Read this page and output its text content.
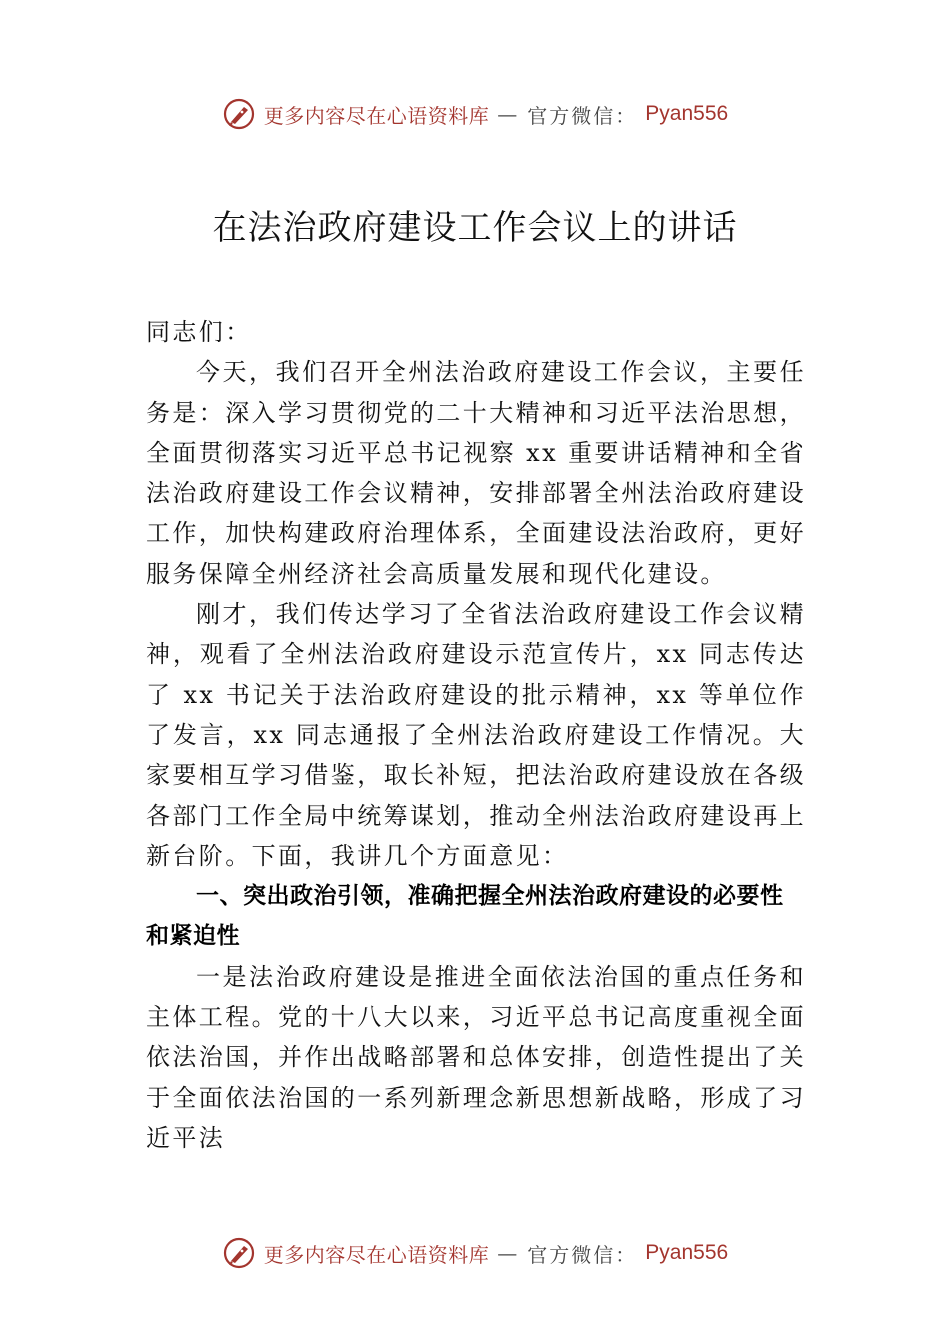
更多内容尽在心语资料库 — 官方微信： Pyan556
在法治政府建设工作会议上的讲话

同志们：

今天，我们召开全州法治政府建设工作会议，主要任务是：深入学习贯彻党的二十大精神和习近平法治思想，全面贯彻落实习近平总书记视察 xx 重要讲话精神和全省法治政府建设工作会议精神，安排部署全州法治政府建设工作，加快构建政府治理体系，全面建设法治政府，更好服务保障全州经济社会高质量发展和现代化建设。

刚才，我们传达学习了全省法治政府建设工作会议精神，观看了全州法治政府建设示范宣传片，xx 同志传达了 xx 书记关于法治政府建设的批示精神，xx 等单位作了发言，xx 同志通报了全州法治政府建设工作情况。大家要相互学习借鉴，取长补短，把法治政府建设放在各级各部门工作全局中统筹谋划，推动全州法治政府建设再上新台阶。下面，我讲几个方面意见：

一、突出政治引领，准确把握全州法治政府建设的必要性和紧迫性

一是法治政府建设是推进全面依法治国的重点任务和主体工程。党的十八大以来，习近平总书记高度重视全面依法治国，并作出战略部署和总体安排，创造性提出了关于全面依法治国的一系列新理念新思想新战略，形成了习近平法

更多内容尽在心语资料库 — 官方微信： Pyan556
